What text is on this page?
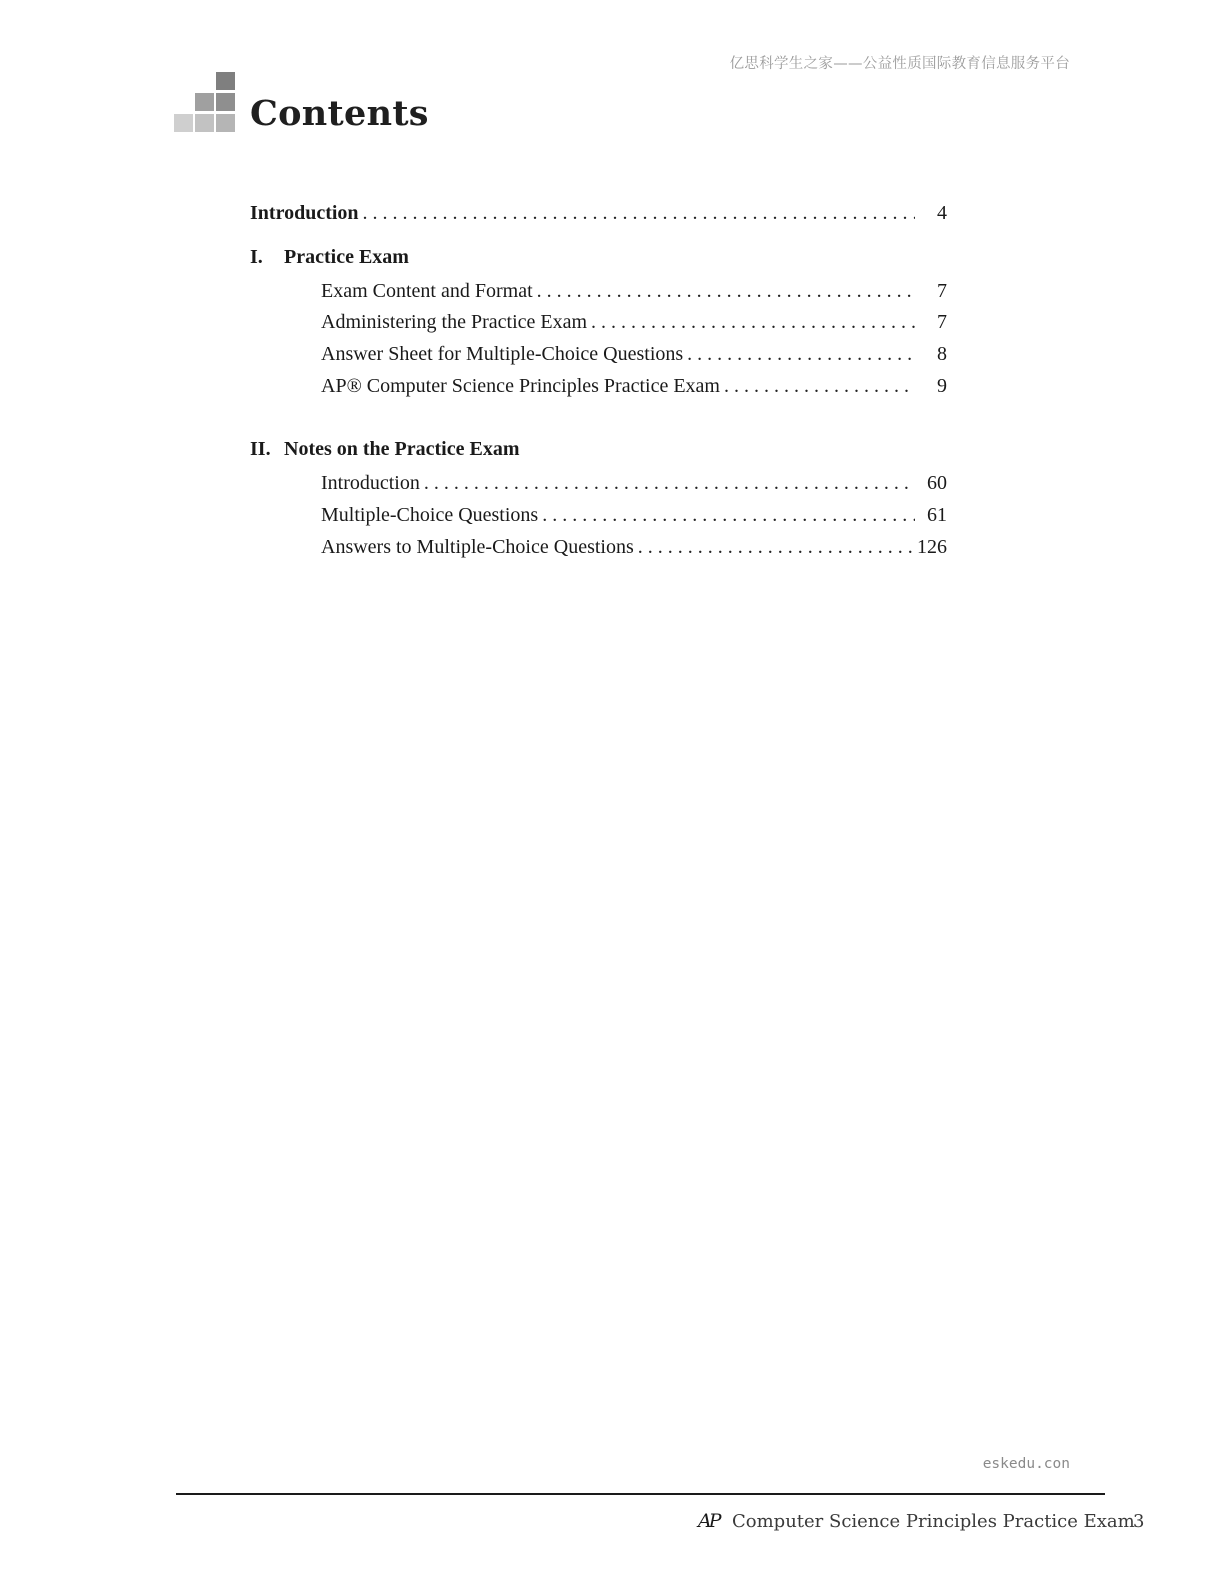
亿思科学生之家——公益性质国际教育信息服务平台
Contents
Introduction . . .	4
I.	Practice Exam
Exam Content and Format . . .	7
Administering the Practice Exam . . .	7
Answer Sheet for Multiple-Choice Questions . . .	8
AP® Computer Science Principles Practice Exam . . .	9
II. Notes on the Practice Exam
Introduction . . .	60
Multiple-Choice Questions . . .	61
Answers to Multiple-Choice Questions . . .	126
eskedu.con
AP Computer Science Principles Practice Exam
3
